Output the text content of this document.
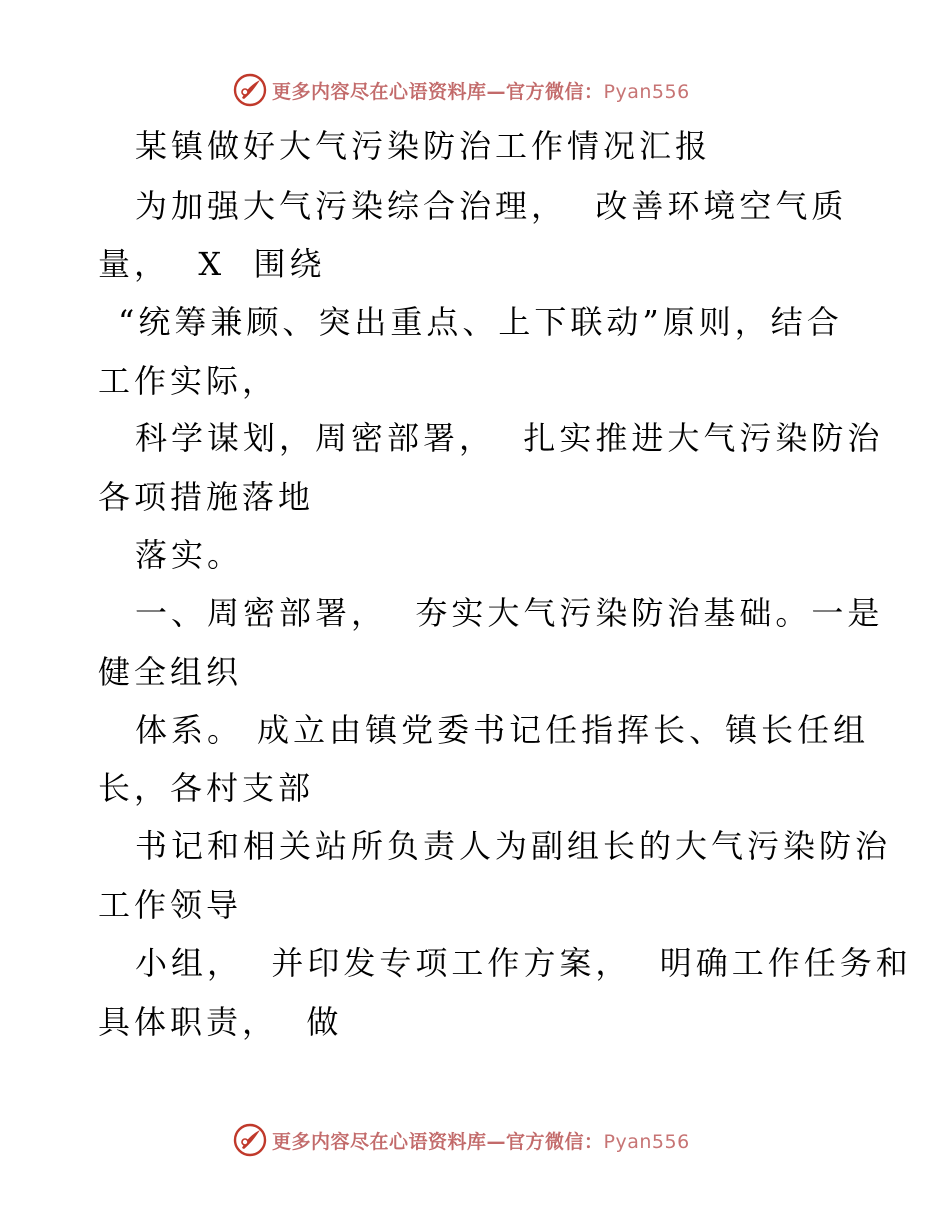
更多内容尽在心语资料库—官方微信：Pyan556
某镇做好大气污染防治工作情况汇报
为加强大气污染综合治理，  改善环境空气质
量，  X  围绕
“统筹兼顾、突出重点、上下联动”原则，结合
工作实际，
科学谋划，周密部署，  扎实推进大气污染防治
各项措施落地
落实。
一、周密部署，  夯实大气污染防治基础。一是
健全组织
体系。 成立由镇党委书记任指挥长、镇长任组
长，各村支部
书记和相关站所负责人为副组长的大气污染防治
工作领导
小组，  并印发专项工作方案，  明确工作任务和
具体职责，  做
更多内容尽在心语资料库—官方微信：Pyan556
